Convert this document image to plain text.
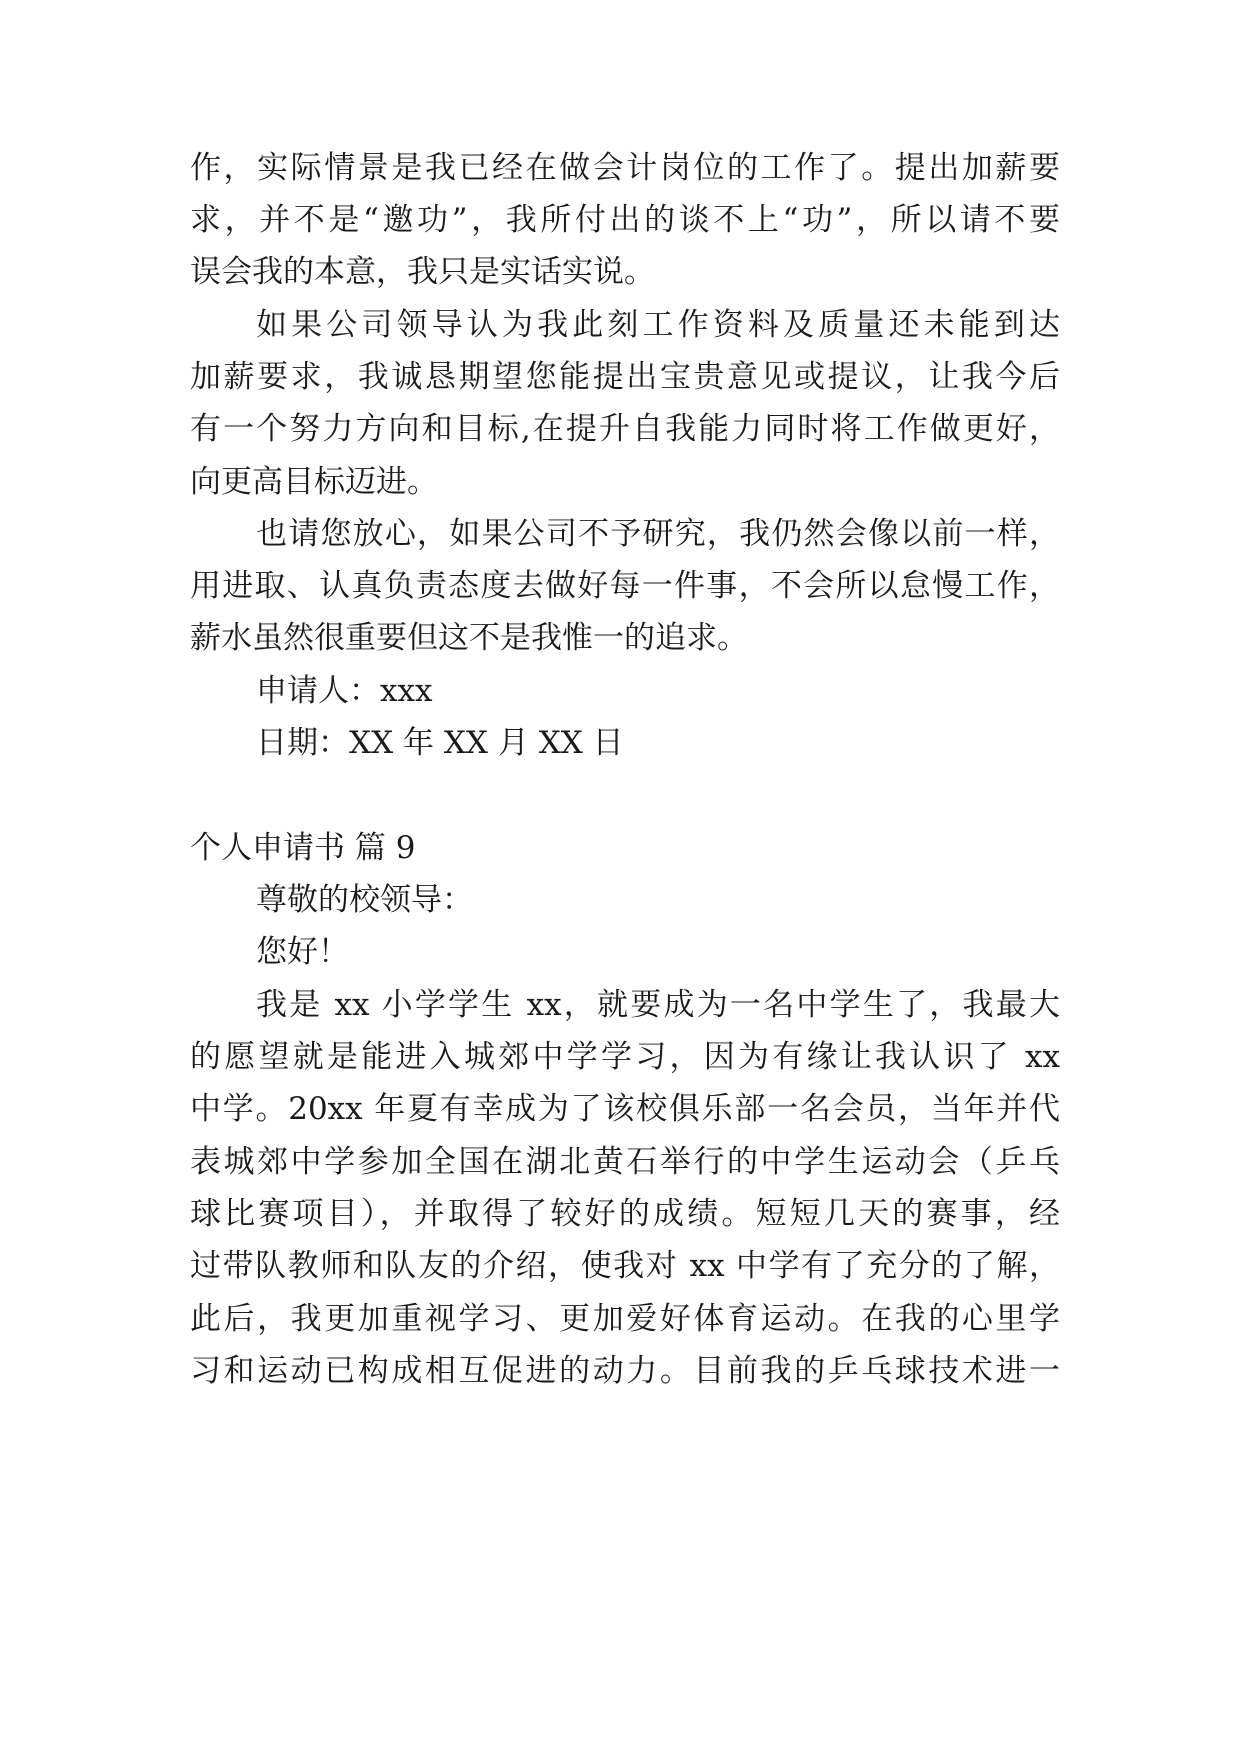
作，实际情景是我已经在做会计岗位的工作了。提出加薪要

求，并不是“邀功”，我所付出的谈不上“功”，所以请不要

误会我的本意，我只是实话实说。

如果公司领导认为我此刻工作资料及质量还未能到达

加薪要求，我诚恳期望您能提出宝贵意见或提议，让我今后

有一个努力方向和目标,在提升自我能力同时将工作做更好，

向更高目标迈进。

也请您放心，如果公司不予研究，我仍然会像以前一样，

用进取、认真负责态度去做好每一件事，不会所以怠慢工作，

薪水虽然很重要但这不是我惟一的追求。

申请人：xxx

日期：XX 年 XX 月 XX 日

个人申请书 篇 9

尊敬的校领导：

您好！

我是 xx 小学学生 xx，就要成为一名中学生了，我最大

的愿望就是能进入城郊中学学习，因为有缘让我认识了 xx

中学。20xx 年夏有幸成为了该校俱乐部一名会员，当年并代

表城郊中学参加全国在湖北黄石举行的中学生运动会（乒乓

球比赛项目），并取得了较好的成绩。短短几天的赛事，经

过带队教师和队友的介绍，使我对 xx 中学有了充分的了解，

此后，我更加重视学习、更加爱好体育运动。在我的心里学

习和运动已构成相互促进的动力。目前我的乒乓球技术进一
